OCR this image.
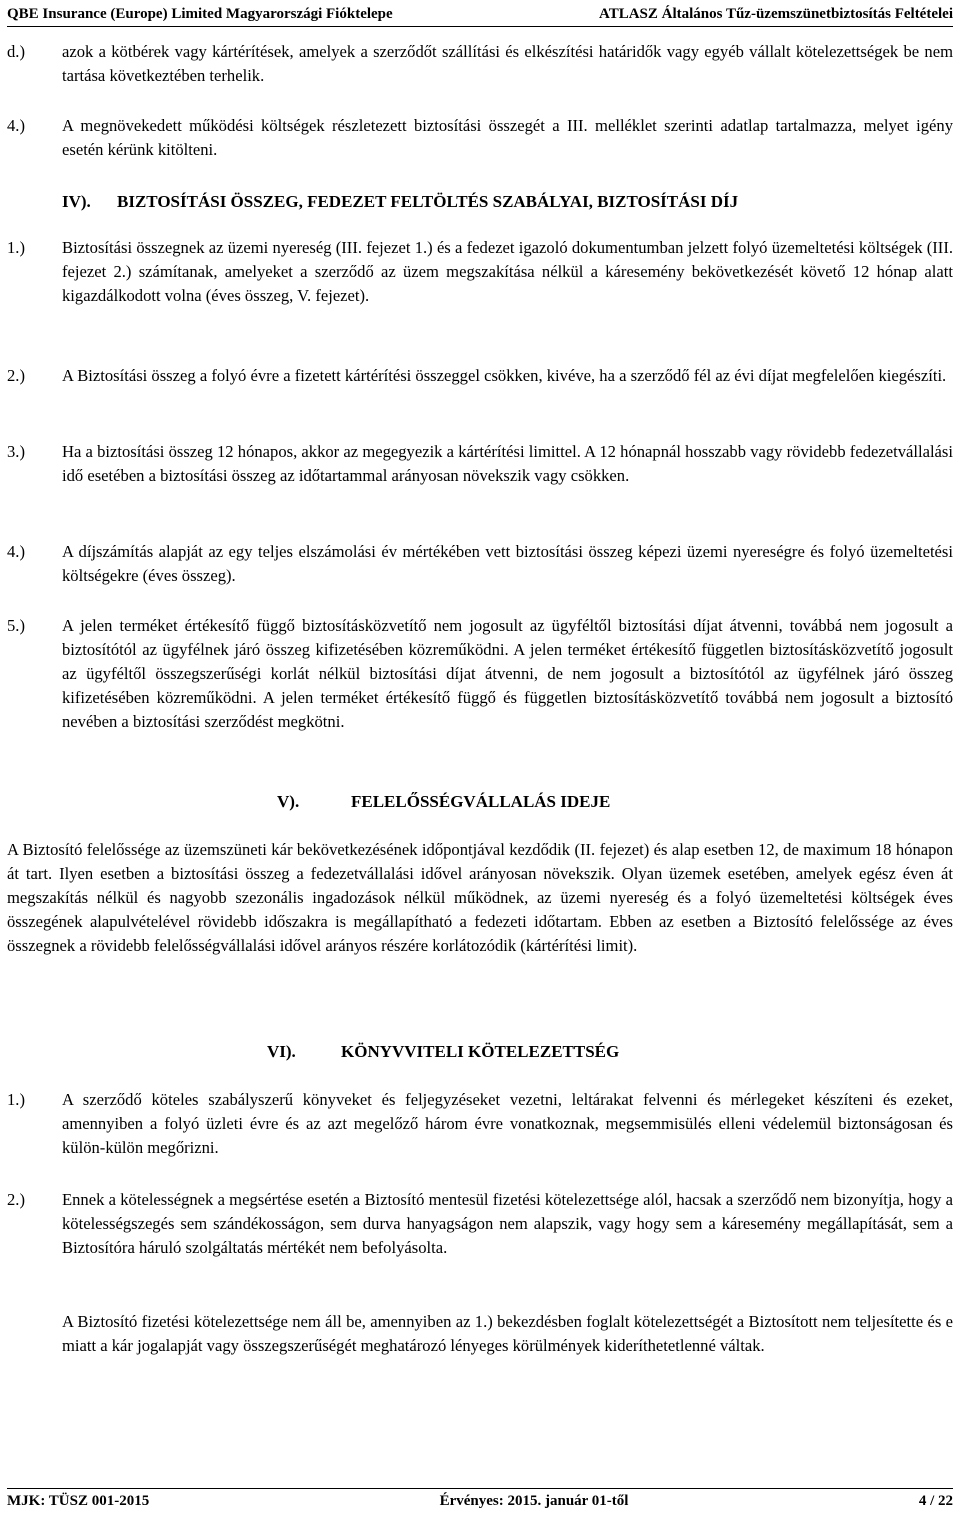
QBE Insurance (Europe) Limited Magyarországi Fióktelepe	ATLASZ Általános Tűz-üzemszünetbiztosítás Feltételei
d.)	azok a kötbérek vagy kártérítések, amelyek a szerződőt szállítási és elkészítési határidők vagy egyéb vállalt kötelezettségek be nem tartása következtében terhelik.
4.)	A megnövekedett működési költségek részletezett biztosítási összegét a III. melléklet szerinti adatlap tartalmazza, melyet igény esetén kérünk kitölteni.
IV). BIZTOSÍTÁSI ÖSSZEG, FEDEZET FELTÖLTÉS SZABÁLYAI, BIZTOSÍTÁSI DÍJ
1.)	Biztosítási összegnek az üzemi nyereség (III. fejezet 1.) és a fedezet igazoló dokumentumban jelzett folyó üzemeltetési költségek (III. fejezet 2.) számítanak, amelyeket a szerződő az üzem megszakítása nélkül a káresemény bekövetkezését követő 12 hónap alatt kigazdálkodott volna (éves összeg, V. fejezet).
2.)	A Biztosítási összeg a folyó évre a fizetett kártérítési összeggel csökken, kivéve, ha a szerződő fél az évi díjat megfelelően kiegészíti.
3.)	Ha a biztosítási összeg 12 hónapos, akkor az megegyezik a kártérítési limittel. A 12 hónapnál hosszabb vagy rövidebb fedezetvállalási idő esetében a biztosítási összeg az időtartammal arányosan növekszik vagy csökken.
4.)	A díjszámítás alapját az egy teljes elszámolási év mértékében vett biztosítási összeg képezi üzemi nyereségre és folyó üzemeltetési költségekre (éves összeg).
5.)	A jelen terméket értékesítő függő biztosításközvetítő nem jogosult az ügyféltől biztosítási díjat átvenni, továbbá nem jogosult a biztosítótól az ügyfélnek járó összeg kifizetésében közreműködni. A jelen terméket értékesítő független biztosításközvetítő jogosult az ügyféltől összegszerűségi korlát nélkül biztosítási díjat átvenni, de nem jogosult a biztosítótól az ügyfélnek járó összeg kifizetésében közreműködni. A jelen terméket értékesítő függő és független biztosításközvetítő továbbá nem jogosult a biztosító nevében a biztosítási szerződést megkötni.
V).	FELELŐSSÉGVÁLLALÁS IDEJE
A Biztosító felelőssége az üzemszüneti kár bekövetkezésének időpontjával kezdődik (II. fejezet) és alap esetben 12, de maximum 18 hónapon át tart. Ilyen esetben a biztosítási összeg a fedezetvállalási idővel arányosan növekszik. Olyan üzemek esetében, amelyek egész éven át megszakítás nélkül és nagyobb szezonális ingadozások nélkül működnek, az üzemi nyereség és a folyó üzemeltetési költségek éves összegének alapulvételével rövidebb időszakra is megállapítható a fedezeti időtartam. Ebben az esetben a Biztosító felelőssége az éves összegnek a rövidebb felelősségvállalási idővel arányos részére korlátozódik (kártérítési limit).
VI).	KÖNYVVITELI KÖTELEZETTSÉG
1.)	A szerződő köteles szabályszerű könyveket és feljegyzéseket vezetni, leltárakat felvenni és mérlegeket készíteni és ezeket, amennyiben a folyó üzleti évre és az azt megelőző három évre vonatkoznak, megsemmisülés elleni védelemül biztonságosan és külön-külön megőrizni.
2.)	Ennek a kötelességnek a megsértése esetén a Biztosító mentesül fizetési kötelezettsége alól, hacsak a szerződő nem bizonyítja, hogy a kötelességszegés sem szándékosságon, sem durva hanyagságon nem alapszik, vagy hogy sem a káresemény megállapítását, sem a Biztosítóra háruló szolgáltatás mértékét nem befolyásolta.
A Biztosító fizetési kötelezettsége nem áll be, amennyiben az 1.) bekezdésben foglalt kötelezettségét a Biztosított nem teljesítette és e miatt a kár jogalapját vagy összegszerűségét meghatározó lényeges körülmények kideríthetetlenné váltak.
MJK: TÜSZ 001-2015	Érvényes: 2015. január 01-től	4 / 22
